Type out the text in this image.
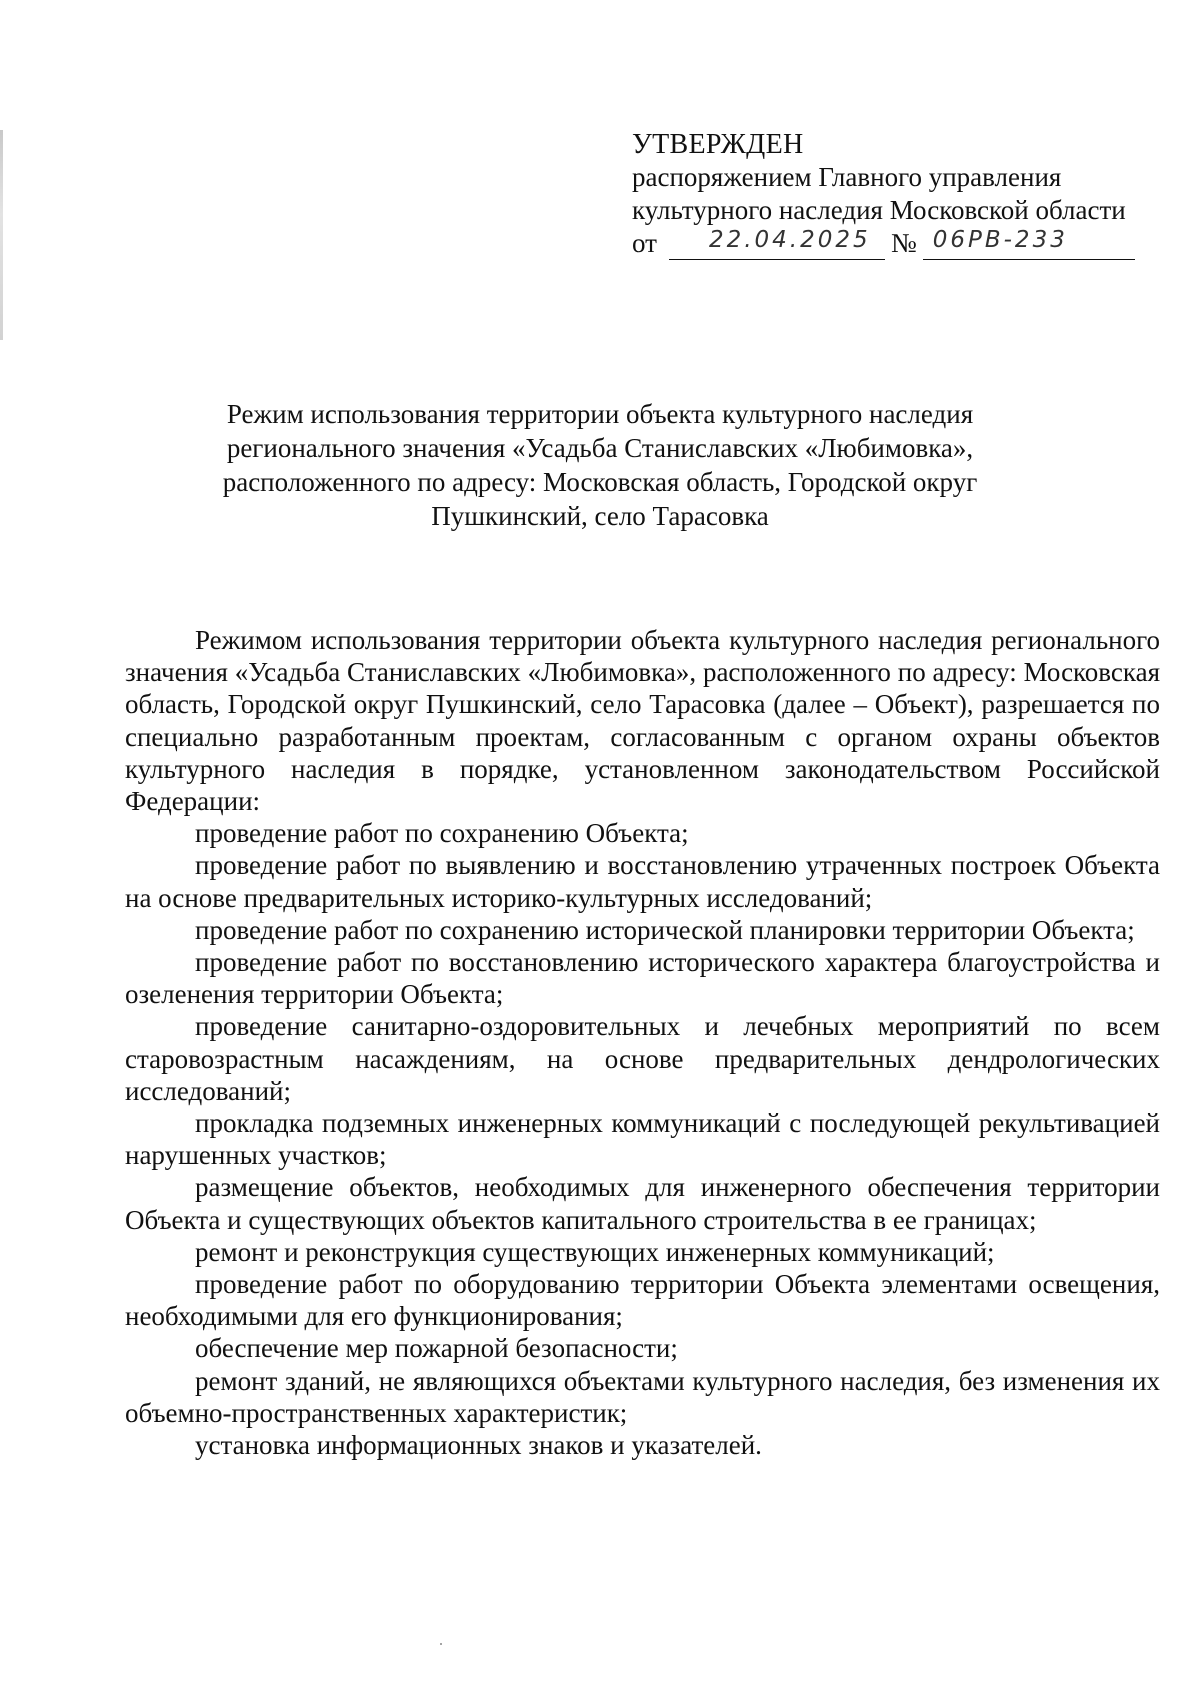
УТВЕРЖДЕН
распоряжением Главного управления
культурного наследия Московской области
от 22.04.2025 № 06РВ-233
Режим использования территории объекта культурного наследия
регионального значения «Усадьба Станиславских «Любимовка»,
расположенного по адресу: Московская область, Городской округ
Пушкинский, село Тарасовка

Режимом использования территории объекта культурного наследия регионального значения «Усадьба Станиславских «Любимовка», расположенного по адресу: Московская область, Городской округ Пушкинский, село Тарасовка (далее – Объект), разрешается по специально разработанным проектам, согласованным с органом охраны объектов культурного наследия в порядке, установленном законодательством Российской Федерации:

проведение работ по сохранению Объекта;

проведение работ по выявлению и восстановлению утраченных построек Объекта на основе предварительных историко-культурных исследований;

проведение работ по сохранению исторической планировки территории Объекта;

проведение работ по восстановлению исторического характера благоустройства и озеленения территории Объекта;

проведение санитарно-оздоровительных и лечебных мероприятий по всем старовозрастным насаждениям, на основе предварительных дендрологических исследований;

прокладка подземных инженерных коммуникаций с последующей рекультивацией нарушенных участков;

размещение объектов, необходимых для инженерного обеспечения территории Объекта и существующих объектов капитального строительства в ее границах;

ремонт и реконструкция существующих инженерных коммуникаций;

проведение работ по оборудованию территории Объекта элементами освещения, необходимыми для его функционирования;

обеспечение мер пожарной безопасности;

ремонт зданий, не являющихся объектами культурного наследия, без изменения их объемно-пространственных характеристик;

установка информационных знаков и указателей.
